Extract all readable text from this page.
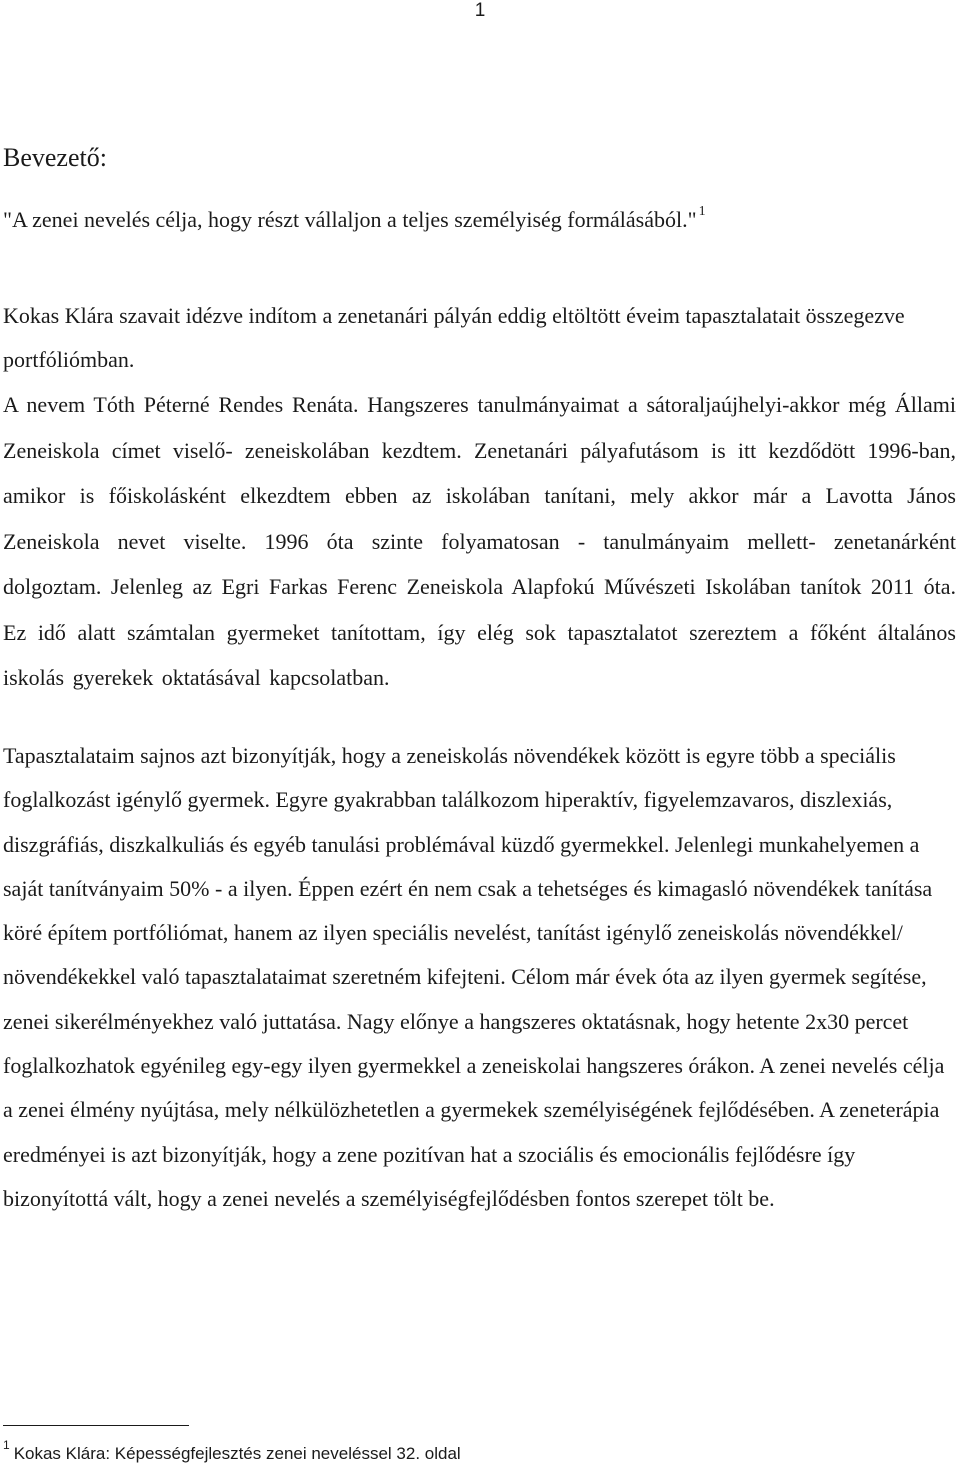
1
Bevezető:
"A zenei nevelés célja, hogy részt vállaljon a teljes személyiség formálásából." $^1$

Kokas Klára szavait idézve indítom a zenetanári pályán eddig eltöltött éveim tapasztalatait összegezve portfóliómban.

A nevem Tóth Péterné Rendes Renáta. Hangszeres tanulmányaimat a sátoraljaújhelyi-akkor még Állami Zeneiskola címet viselő- zeneiskolában kezdtem. Zenetanári pályafutásom is itt kezdődött 1996-ban, amikor is főiskolásként elkezdtem ebben az iskolában tanítani, mely akkor már a Lavotta János Zeneiskola nevet viselte. 1996 óta szinte folyamatosan - tanulmányaim mellett- zenetanárként dolgoztam. Jelenleg az Egri Farkas Ferenc Zeneiskola Alapfokú Művészeti Iskolában tanítok 2011 óta. Ez idő alatt számtalan gyermeket tanítottam, így elég sok tapasztalatot szereztem a főként általános iskolás gyerekek oktatásával kapcsolatban.

Tapasztalataim sajnos azt bizonyítják, hogy a zeneiskolás növendékek között is egyre több a speciális foglalkozást igénylő gyermek. Egyre gyakrabban találkozom hiperaktív, figyelemzavaros, diszlexiás, diszgráfiás, diszkalkuliás és egyéb tanulási problémával küzdő gyermekkel. Jelenlegi munkahelyemen a saját tanítványaim 50% - a ilyen. Éppen ezért én nem csak a tehetséges és kimagasló növendékek tanítása köré építem portfóliómat, hanem az ilyen speciális nevelést, tanítást igénylő zeneiskolás növendékkel/ növendékekkel való tapasztalataimat szeretném kifejteni. Célom már évek óta az ilyen gyermek segítése, zenei sikerélményekhez való juttatása. Nagy előnye a hangszeres oktatásnak, hogy hetente 2x30 percet foglalkozhatok egyénileg egy-egy ilyen gyermekkel a zeneiskolai hangszeres órákon. A zenei nevelés célja a zenei élmény nyújtása, mely nélkülözhetetlen a gyermekek személyiségének fejlődésében. A zeneterápia eredményei is azt bizonyítják, hogy a zene pozitívan hat a szociális és emocionális fejlődésre így bizonyítottá vált, hogy a zenei nevelés a személyiségfejlődésben fontos szerepet tölt be.

$^1$ Kokas Klára: Képességfejlesztés zenei neveléssel 32. oldal
